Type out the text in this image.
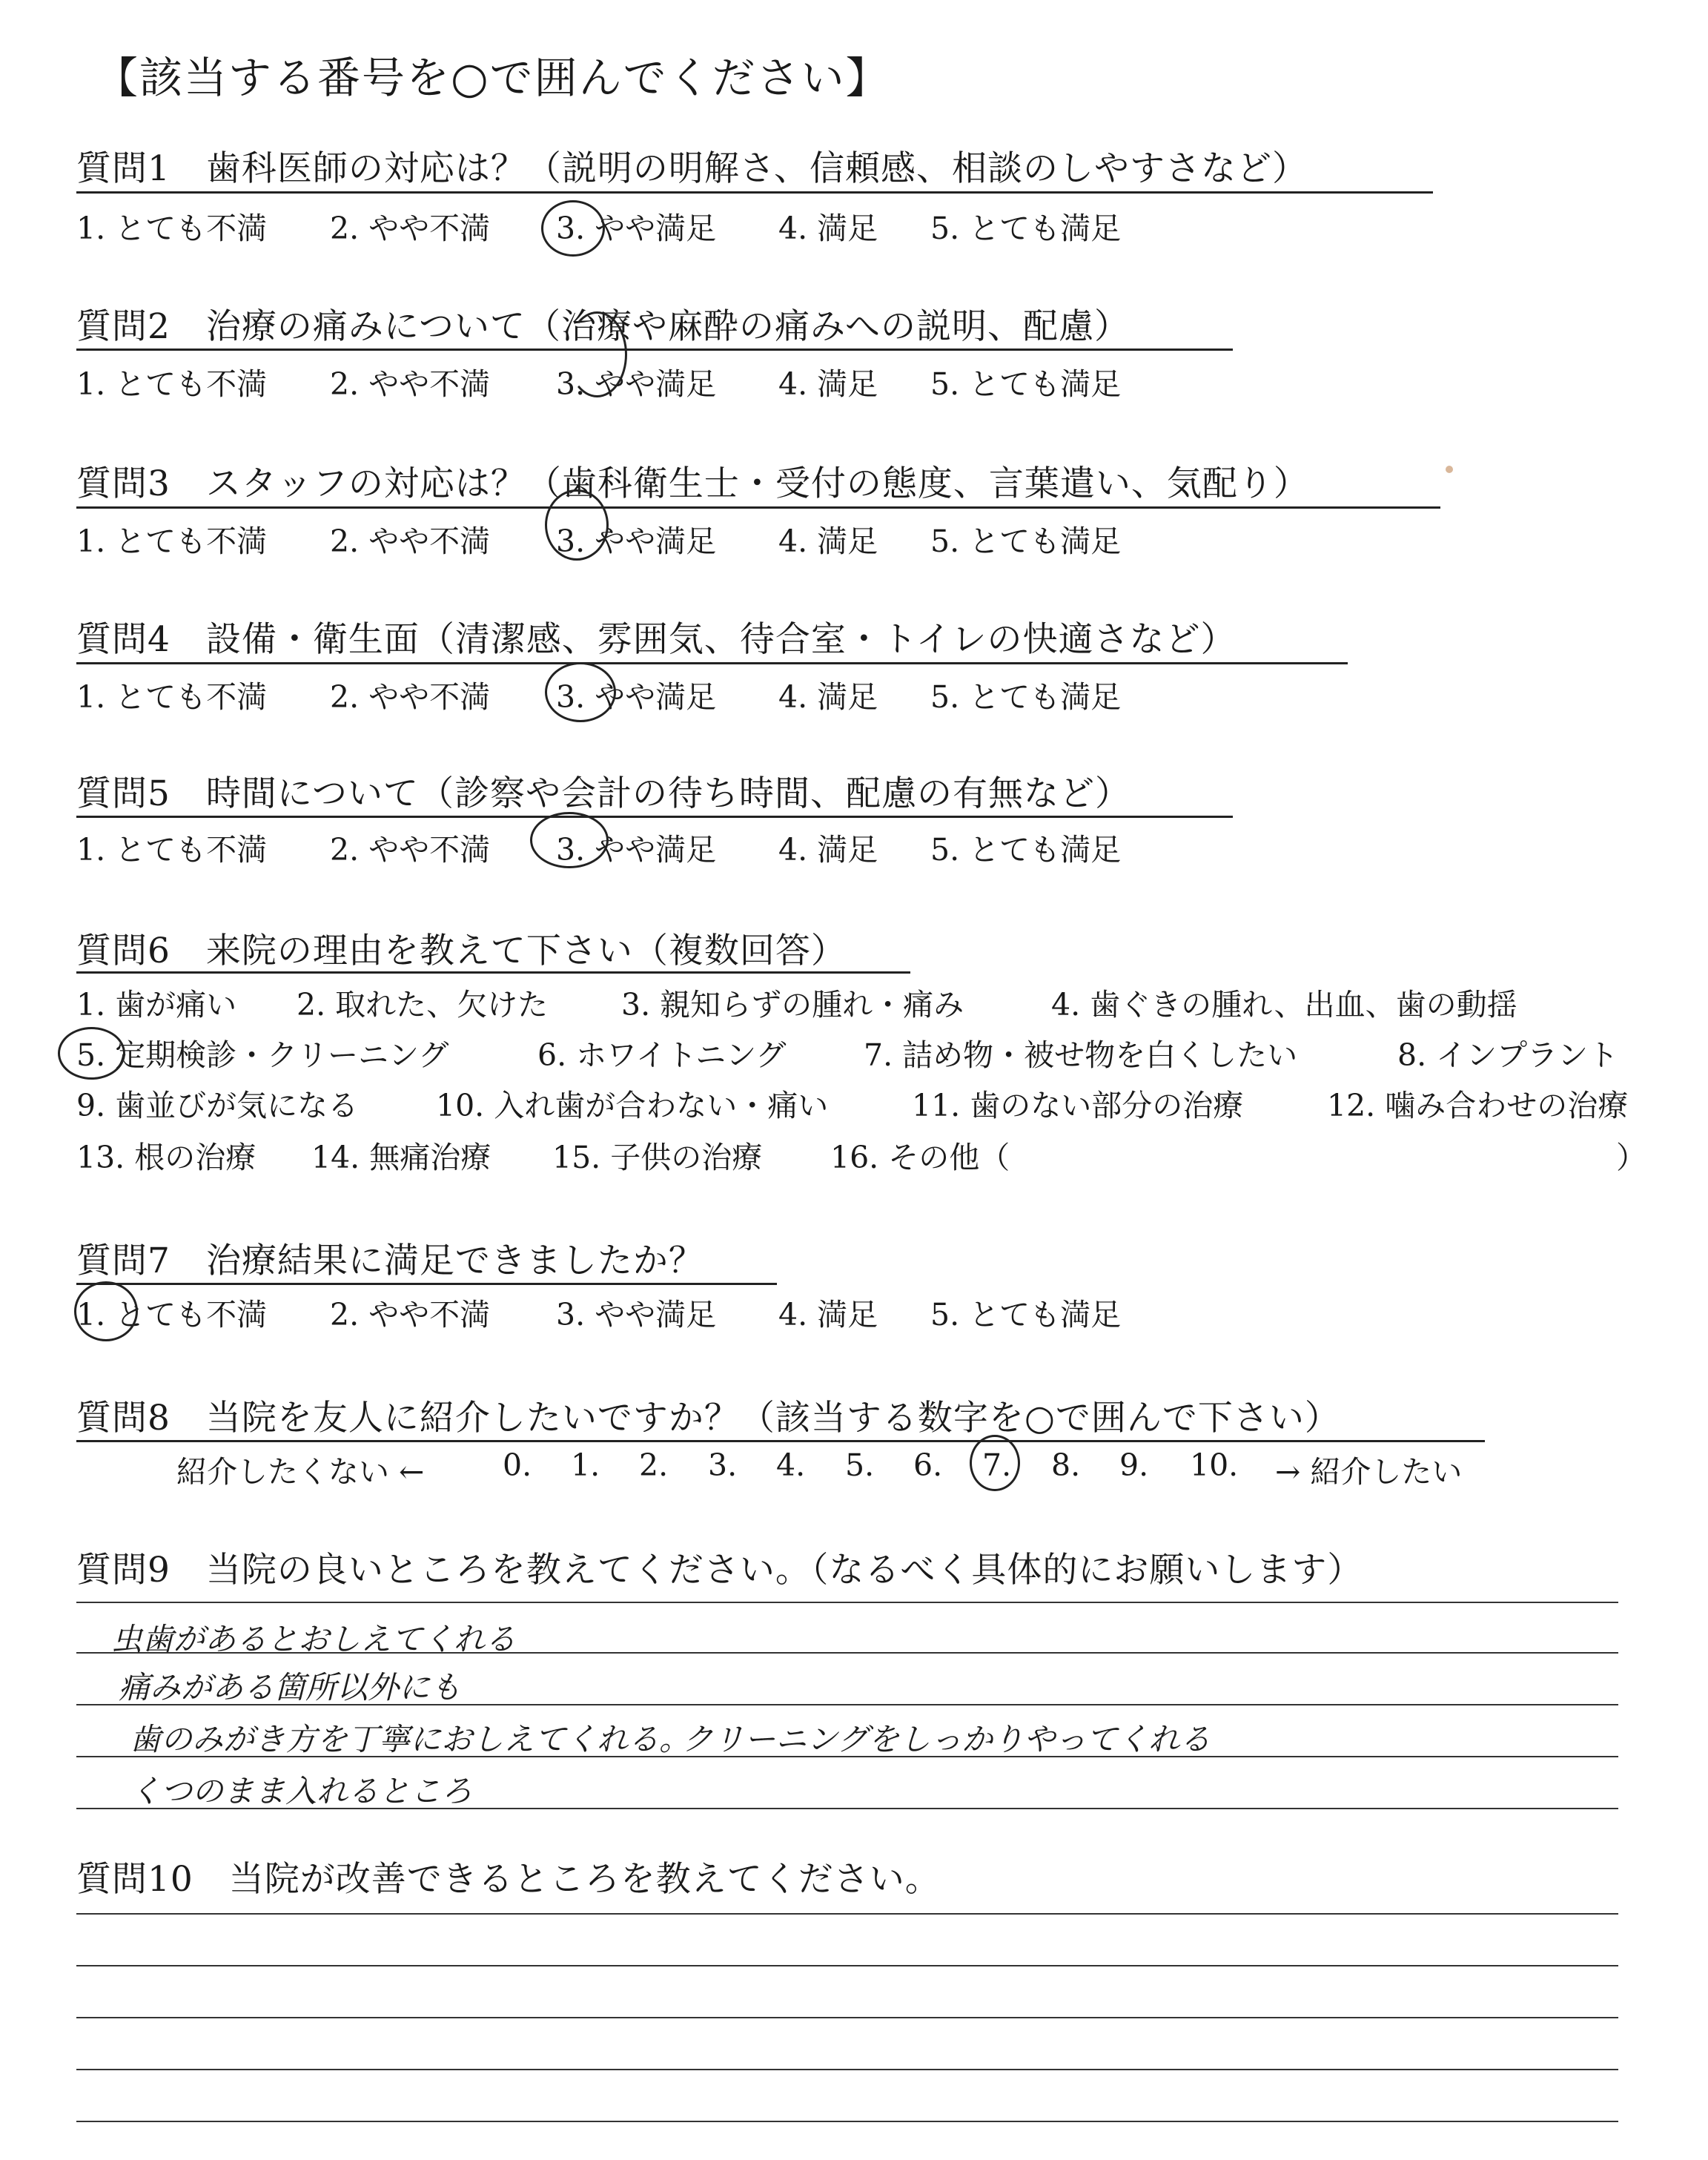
【該当する番号を○で囲んでください】
質問1　歯科医師の対応は？（説明の明解さ、信頼感、相談のしやすさなど）
1. とても不満 2. やや不満 3. やや満足 4. 満足 5. とても満足
質問2　治療の痛みについて（治療や麻酔の痛みへの説明、配慮）
1. とても不満 2. やや不満 3. やや満足 4. 満足 5. とても満足
質問3　スタッフの対応は？（歯科衛生士・受付の態度、言葉遣い、気配り）
1. とても不満 2. やや不満 3. やや満足 4. 満足 5. とても満足
質問4　設備・衛生面（清潔感、雰囲気、待合室・トイレの快適さなど）
1. とても不満 2. やや不満 3. やや満足 4. 満足 5. とても満足
質問5　時間について（診察や会計の待ち時間、配慮の有無など）
1. とても不満 2. やや不満 3. やや満足 4. 満足 5. とても満足
質問6　来院の理由を教えて下さい（複数回答）
1. 歯が痛い 2. 取れた、欠けた 3. 親知らずの腫れ・痛み	4. 歯ぐきの腫れ、出血、歯の動揺
5. 定期検診・クリーニング	6. ホワイトニング	7. 詰め物・被せ物を白くしたい	8. インプラント
9. 歯並びが気になる	10. 入れ歯が合わない・痛い	11. 歯のない部分の治療	12. 噛み合わせの治療
13. 根の治療 14. 無痛治療 15. 子供の治療 16. その他（	）
質問7　治療結果に満足できましたか？
1. とても不満 2. やや不満 3. やや満足 4. 満足 5. とても満足
質問8　当院を友人に紹介したいですか？（該当する数字を○で囲んで下さい）
紹介したくない ←	0. 1. 2. 3. 4. 5. 6. 7. 8. 9. 10. → 紹介したい
質問9　当院の良いところを教えてください。（なるべく具体的にお願いします）
虫歯があるとおしえてくれる
痛みがある箇所以外にも
歯のみがき方を丁寧におしえてくれる。
クリーニングをしっかりやってくれる
くつのまま入れるところ
質問10　当院が改善できるところを教えてください。
